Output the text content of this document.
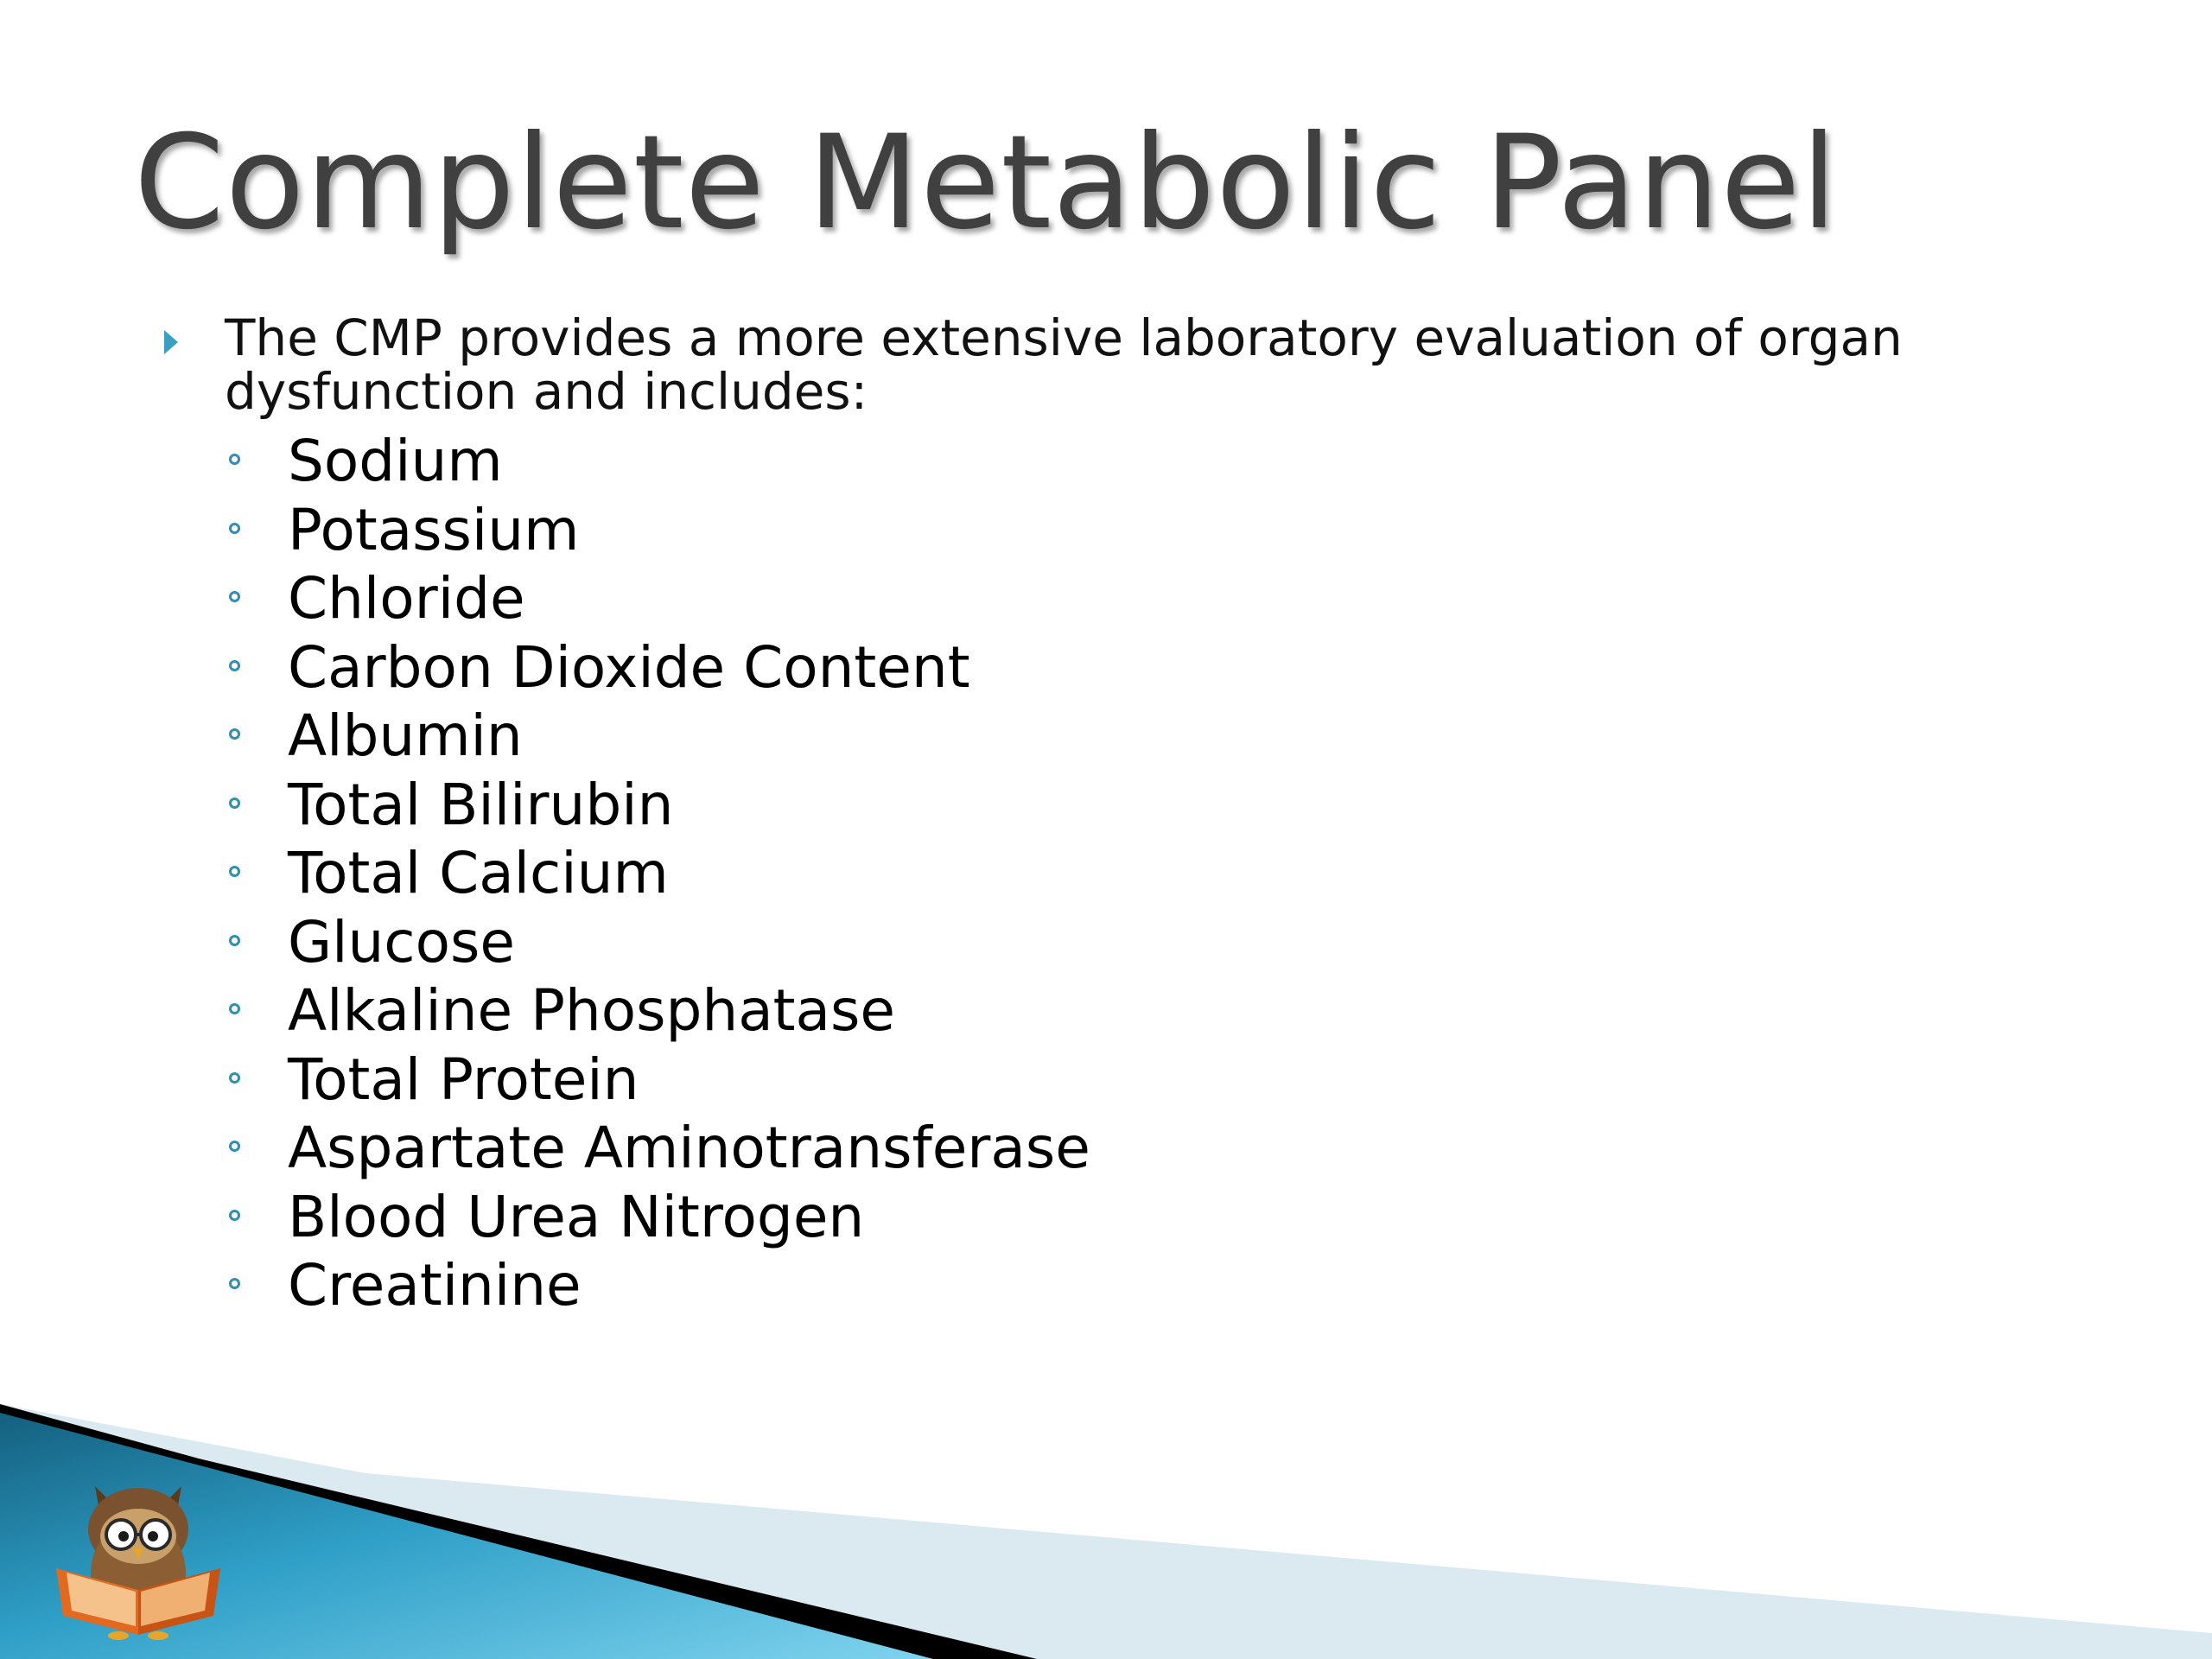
Complete Metabolic Panel
The CMP provides a more extensive laboratory evaluation of organ dysfunction and includes:
Sodium
Potassium
Chloride
Carbon Dioxide Content
Albumin
Total Bilirubin
Total Calcium
Glucose
Alkaline Phosphatase
Total Protein
Aspartate Aminotransferase
Blood Urea Nitrogen
Creatinine
